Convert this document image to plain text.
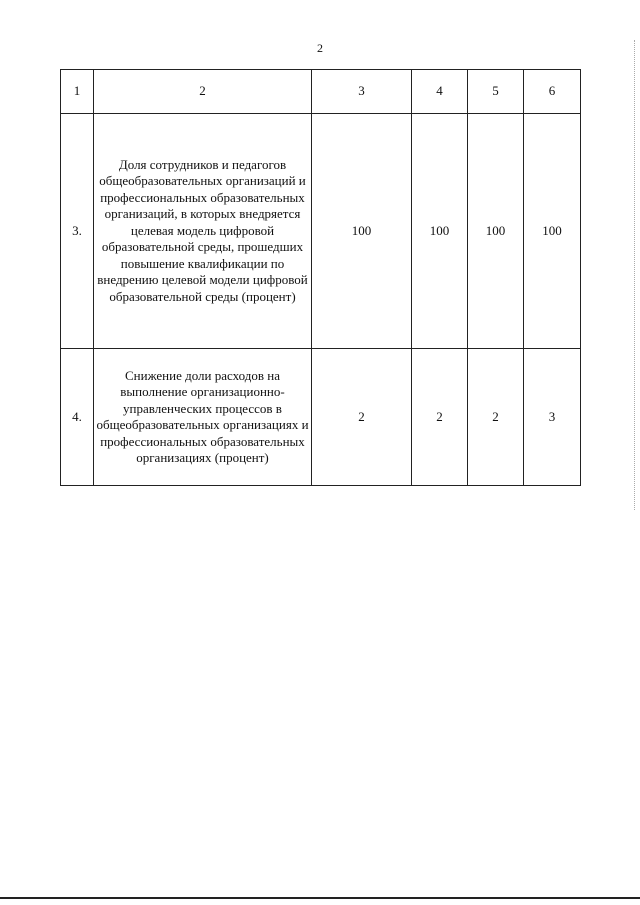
2
1	2	3	4	5	6
3.	Доля сотрудников и педагогов общеобразовательных организаций и профессиональных образовательных организаций, в которых внедряется целевая модель цифровой образовательной среды, прошедших повышение квалификации по внедрению целевой модели цифровой образовательной среды (процент)	100	100	100	100
4.	Снижение доли расходов на выполнение организационно-управленческих процессов в общеобразовательных организациях и профессиональных образовательных организациях (процент)	2	2	2	3
